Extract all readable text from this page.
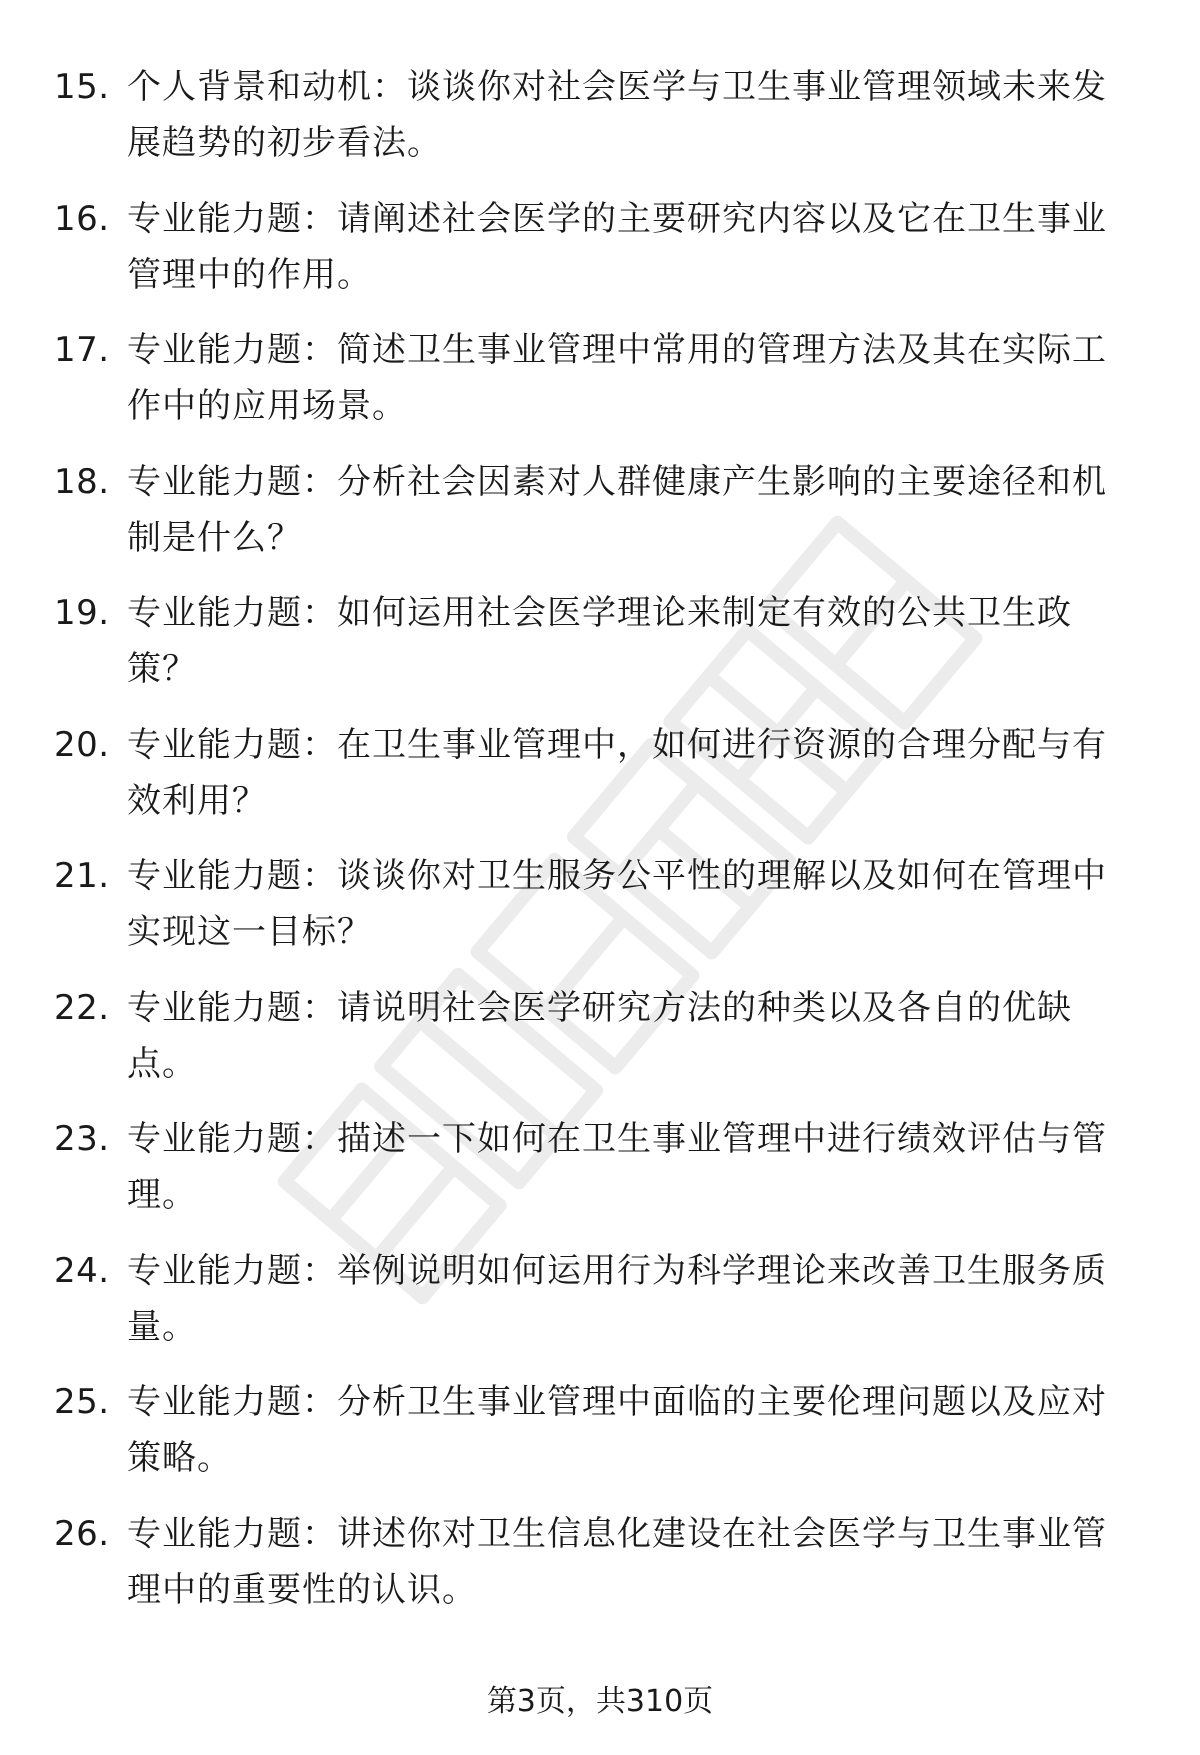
15. 个人背景和动机：谈谈你对社会医学与卫生事业管理领域未来发展趋势的初步看法。
16. 专业能力题：请阐述社会医学的主要研究内容以及它在卫生事业管理中的作用。
17. 专业能力题：简述卫生事业管理中常用的管理方法及其在实际工作中的应用场景。
18. 专业能力题：分析社会因素对人群健康产生影响的主要途径和机制是什么？
19. 专业能力题：如何运用社会医学理论来制定有效的公共卫生政策？
20. 专业能力题：在卫生事业管理中，如何进行资源的合理分配与有效利用？
21. 专业能力题：谈谈你对卫生服务公平性的理解以及如何在管理中实现这一目标？
22. 专业能力题：请说明社会医学研究方法的种类以及各自的优缺点。
23. 专业能力题：描述一下如何在卫生事业管理中进行绩效评估与管理。
24. 专业能力题：举例说明如何运用行为科学理论来改善卫生服务质量。
25. 专业能力题：分析卫生事业管理中面临的主要伦理问题以及应对策略。
26. 专业能力题：讲述你对卫生信息化建设在社会医学与卫生事业管理中的重要性的认识。
第3页，共310页
